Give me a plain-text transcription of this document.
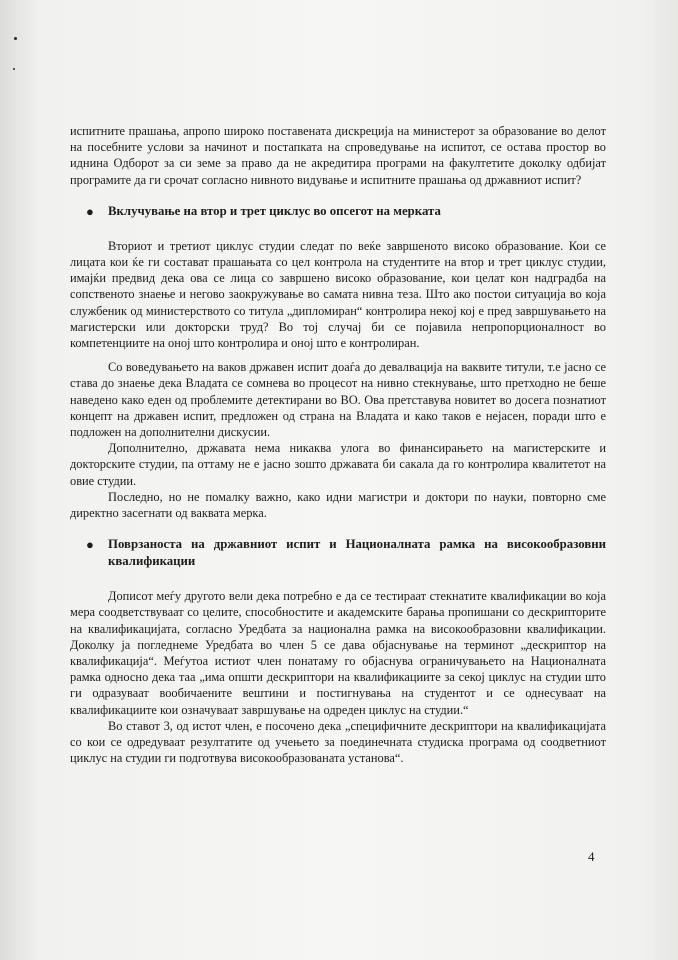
испитните прашања, апропо широко поставената дискреција на министерот за образование во делот на посебните услови за начинот и постапката на спроведување на испитот, се остава простор во иднина Одборот за си земе за право да не акредитира програми на факултетите доколку одбијат програмите да ги срочат согласно нивното видување и испитните прашања од државниот испит?

●	Вклучување на втор и трет циклус во опсегот на мерката

Вториот и третиот циклус студии следат по веќе завршеното високо образование. Кои се лицата кои ќе ги состават прашањата со цел контрола на студентите на втор и трет циклус студии, имајќи предвид дека ова се лица со завршено високо образование, кои целат кон надградба на сопственото знаење и негово заокружување во самата нивна теза. Што ако постои ситуација во која службеник од министерството со титула „дипломиран“ контролира некој кој е пред завршувањето на магистерски или докторски труд? Во тој случај би се појавила непропорционалност во компетенциите на оној што контролира и оној што е контролиран.

Со воведувањето на ваков државен испит доаѓа до девалвација на ваквите титули, т.е јасно се става до знаење дека Владата се сомнева во процесот на нивно стекнување, што претходно не беше наведено како еден од проблемите детектирани во ВО. Ова претставува новитет во досега познатиот концепт на државен испит, предложен од страна на Владата и како таков е нејасен, поради што е подложен на дополнителни дискусии.

Дополнително, државата нема никаква улога во финансирањето на магистерските и докторските студии, па оттаму не е јасно зошто државата би сакала да го контролира квалитетот на овие студии.

Последно, но не помалку важно, како идни магистри и доктори по науки, повторно сме директно засегнати од ваквата мерка.

●	Поврзаноста на државниот испит и Националната рамка на високообразовни квалификации

Дописот меѓу другото вели дека потребно е да се тестираат стекнатите квалификации во која мера соодветствуваат со целите, способностите и академските барања пропишани со дескрипторите на квалификацијата, согласно Уредбата за национална рамка на високообразовни квалификации. Доколку ја погледнеме Уредбата во член 5 се дава објаснување на терминот „дескриптор на квалификација“. Меѓутоа истиот член понатаму го објаснува ограничувањето на Националната рамка односно дека таа „има општи дескриптори на квалификациите за секој циклус на студии што ги одразуваат вообичаените вештини и постигнувања на студентот и се однесуваат на квалификациите кои означуваат завршување на одреден циклус на студии.“

Во ставот 3, од истот член, е посочено дека „специфичните дескриптори на квалификацијата со кои се одредуваат резултатите од учењето за поединечната студиска програма од соодветниот циклус на студии ги подготвува високообразованата установа“.

4
